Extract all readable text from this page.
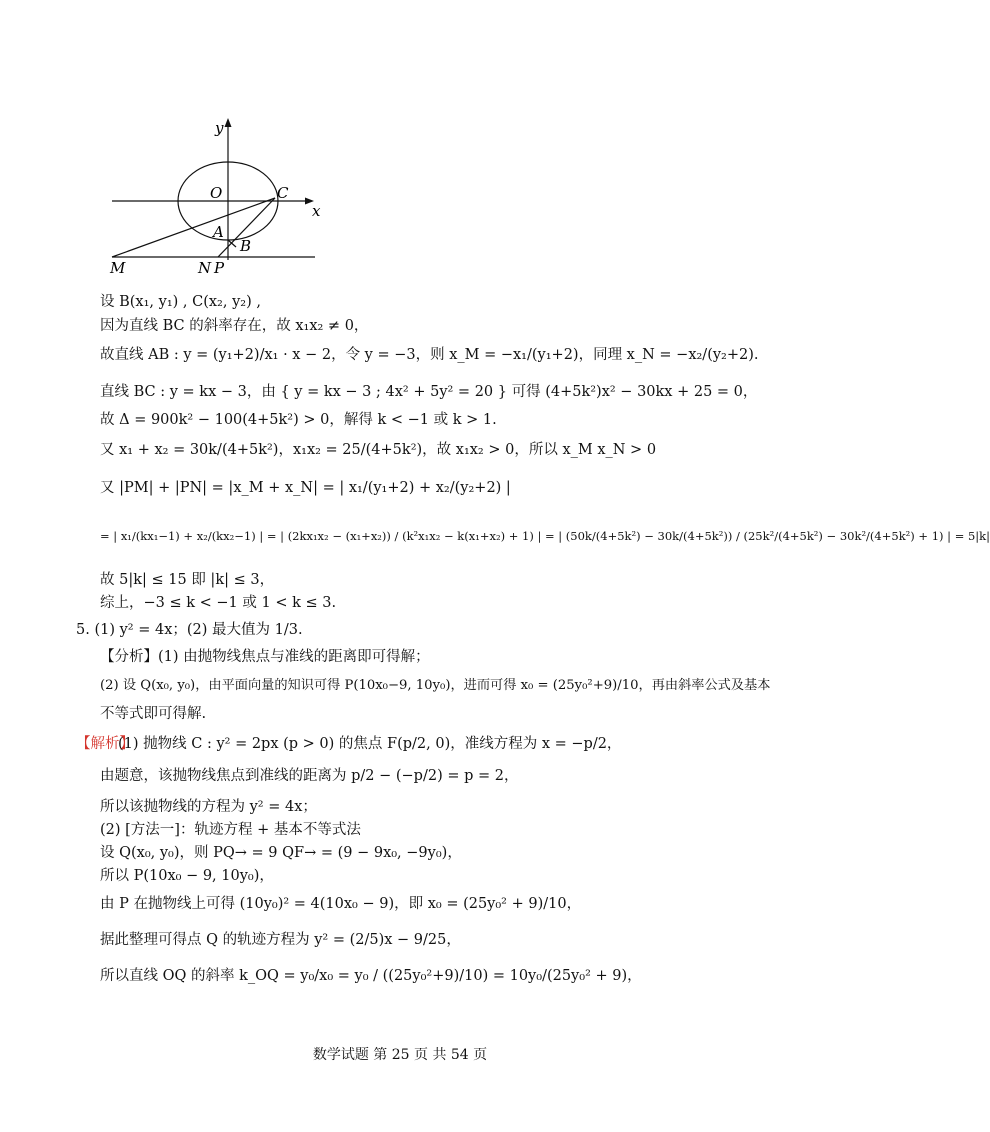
y
x
O	C
A
B
M	N P
设 B(x₁, y₁) , C(x₂, y₂) ,
因为直线 BC 的斜率存在，故 x₁x₂ ≠ 0，
故直线 AB : y = (y₁+2)/x₁ · x − 2，令 y = −3，则 x_M = −x₁/(y₁+2)，同理 x_N = −x₂/(y₂+2).
直线 BC : y = kx − 3，由 { y = kx − 3 ; 4x² + 5y² = 20 } 可得 (4+5k²)x² − 30kx + 25 = 0，
故 Δ = 900k² − 100(4+5k²) > 0，解得 k < −1 或 k > 1.
又 x₁ + x₂ = 30k/(4+5k²)，x₁x₂ = 25/(4+5k²)，故 x₁x₂ > 0，所以 x_M x_N > 0
又 |PM| + |PN| = |x_M + x_N| = | x₁/(y₁+2) + x₂/(y₂+2) |
= | x₁/(kx₁−1) + x₂/(kx₂−1) | = | (2kx₁x₂ − (x₁+x₂)) / (k²x₁x₂ − k(x₁+x₂) + 1) | = | (50k/(4+5k²) − 30k/(4+5k²)) / (25k²/(4+5k²) − 30k²/(4+5k²) + 1) | = 5|k|
故 5|k| ≤ 15 即 |k| ≤ 3，
综上，−3 ≤ k < −1 或 1 < k ≤ 3.
5. (1) y² = 4x；(2) 最大值为 1/3.
【分析】(1) 由抛物线焦点与准线的距离即可得解；
(2) 设 Q(x₀, y₀)，由平面向量的知识可得 P(10x₀−9, 10y₀)，进而可得 x₀ = (25y₀²+9)/10，再由斜率公式及基本
不等式即可得解.
【解析】
(1) 抛物线 C : y² = 2px (p > 0) 的焦点 F(p/2, 0)，准线方程为 x = −p/2，
由题意，该抛物线焦点到准线的距离为 p/2 − (−p/2) = p = 2，
所以该抛物线的方程为 y² = 4x；
(2) [方法一]：轨迹方程 + 基本不等式法
设 Q(x₀, y₀)，则 PQ→ = 9 QF→ = (9 − 9x₀, −9y₀)，
所以 P(10x₀ − 9, 10y₀)，
由 P 在抛物线上可得 (10y₀)² = 4(10x₀ − 9)，即 x₀ = (25y₀² + 9)/10，
据此整理可得点 Q 的轨迹方程为 y² = (2/5)x − 9/25，
所以直线 OQ 的斜率 k_OQ = y₀/x₀ = y₀ / ((25y₀²+9)/10) = 10y₀/(25y₀² + 9)，
数学试题 第 25 页 共 54 页
